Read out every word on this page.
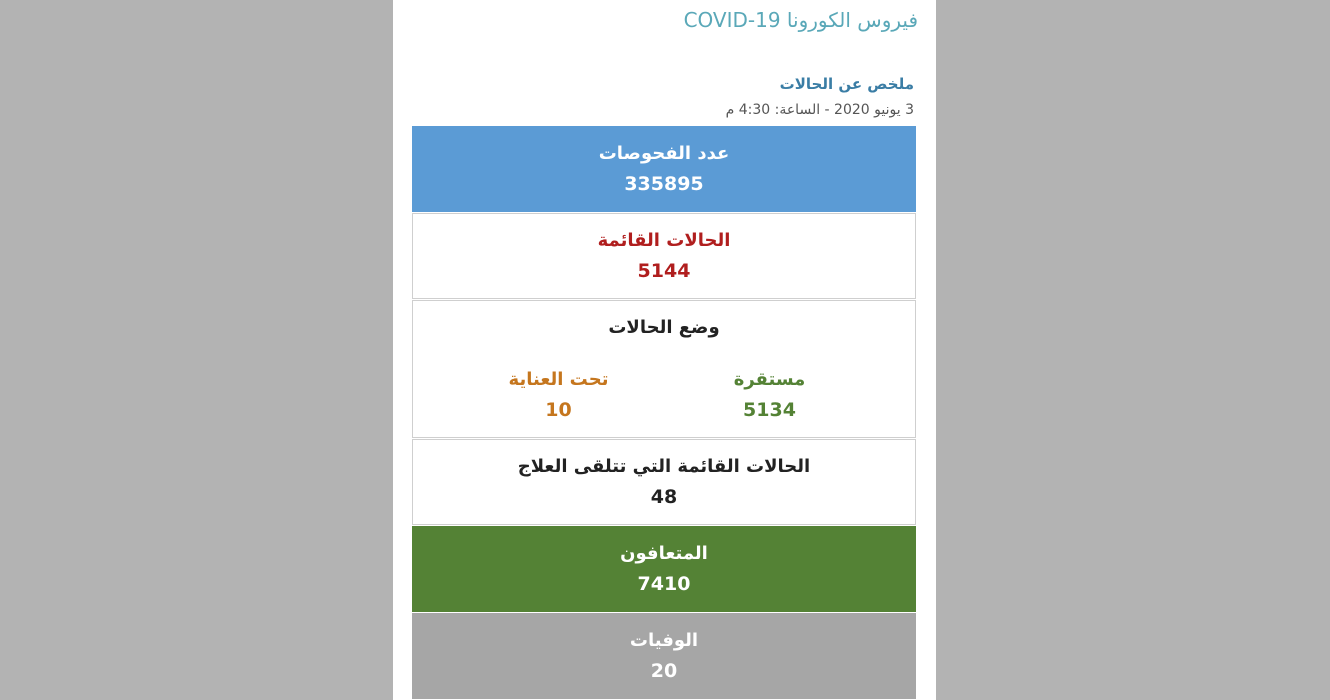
فيروس الكورونا COVID-19
ملخص عن الحالات
3 يونيو 2020 - الساعة: 4:30 م
عدد الفحوصات
335895
الحالات القائمة
5144
وضع الحالات
مستقرة
5134
تحت العناية
10
الحالات القائمة التي تتلقى العلاج
48
المتعافون
7410
الوفيات
20
